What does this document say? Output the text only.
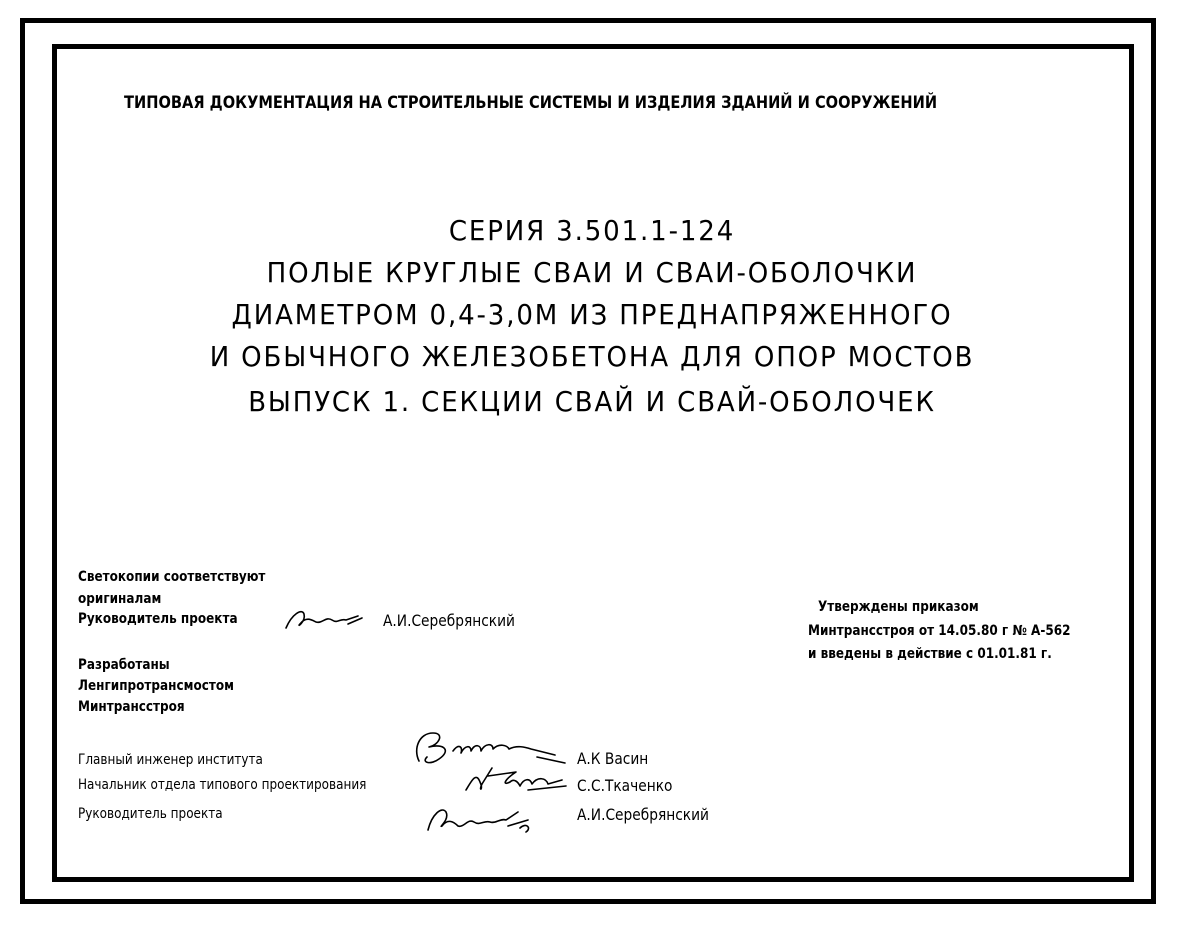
ТИПОВАЯ ДОКУМЕНТАЦИЯ НА СТРОИТЕЛЬНЫЕ СИСТЕМЫ И ИЗДЕЛИЯ ЗДАНИЙ И СООРУЖЕНИЙ
СЕРИЯ 3.501.1-124
ПОЛЫЕ КРУГЛЫЕ СВАИ И СВАИ-ОБОЛОЧКИ
ДИАМЕТРОМ 0,4-3,0М ИЗ ПРЕДНАПРЯЖЕННОГО
И ОБЫЧНОГО ЖЕЛЕЗОБЕТОНА ДЛЯ ОПОР МОСТОВ
ВЫПУСК 1. СЕКЦИИ СВАЙ И СВАЙ-ОБОЛОЧЕК
Светокопии соответствуют
оригиналам
Руководитель проекта	А.И.Серебрянский
Разработаны
Ленгипротрансмостом
Минтрансстроя
Утверждены приказом
Минтрансстроя от 14.05.80 г № А-562
и введены в действие с 01.01.81 г.
Главный инженер института
Начальник отдела типового проектирования
Руководитель проекта
А.К Васин
С.С.Ткаченко
А.И.Серебрянский
